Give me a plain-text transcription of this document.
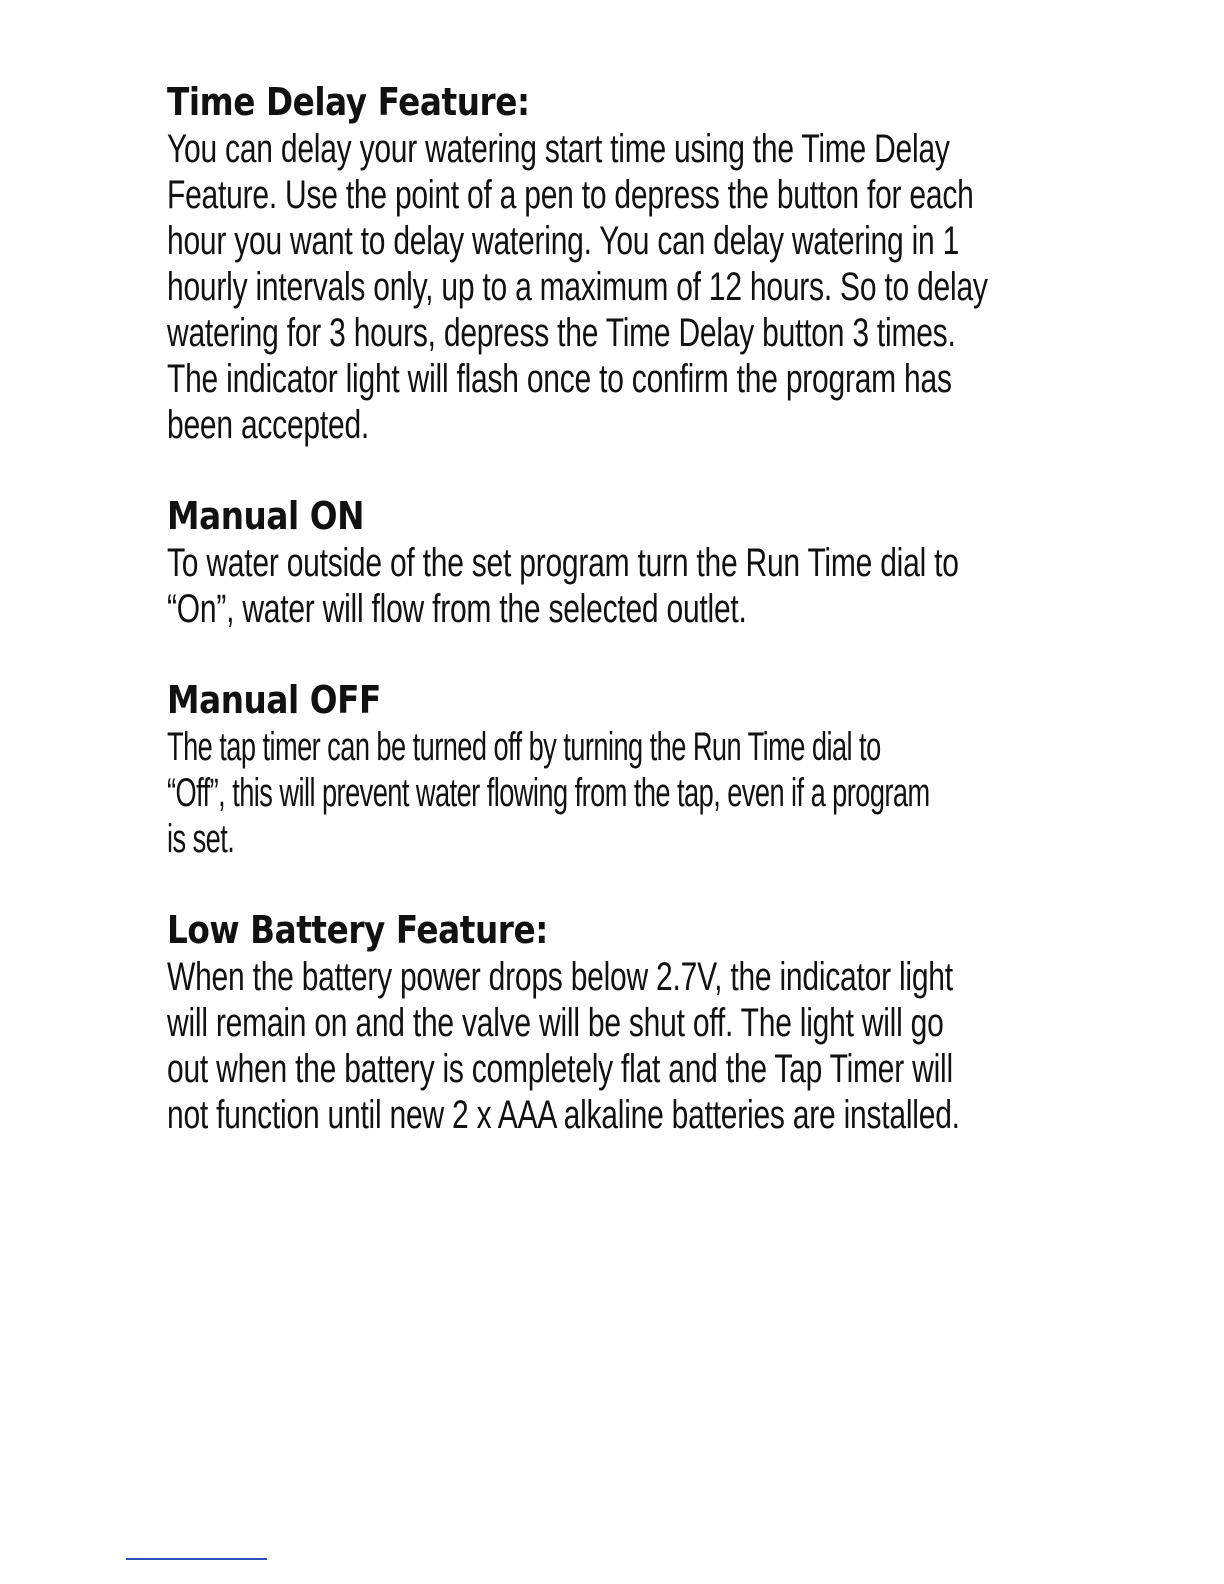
Time Delay Feature:

You can delay your watering start time using the Time Delay

Feature. Use the point of a pen to depress the button for each

hour you want to delay watering. You can delay watering in 1

hourly intervals only, up to a maximum of 12 hours. So to delay

watering for 3 hours, depress the Time Delay button 3 times.

The indicator light will flash once to confirm the program has

been accepted.

Manual ON

To water outside of the set program turn the Run Time dial to

“On”, water will flow from the selected outlet.

Manual OFF

The tap timer can be turned off by turning the Run Time dial to

“Off”, this will prevent water flowing from the tap, even if a program

is set.

Low Battery Feature:

When the battery power drops below 2.7V, the indicator light

will remain on and the valve will be shut off. The light will go

out when the battery is completely flat and the Tap Timer will

not function until new 2 x AAA alkaline batteries are installed.
